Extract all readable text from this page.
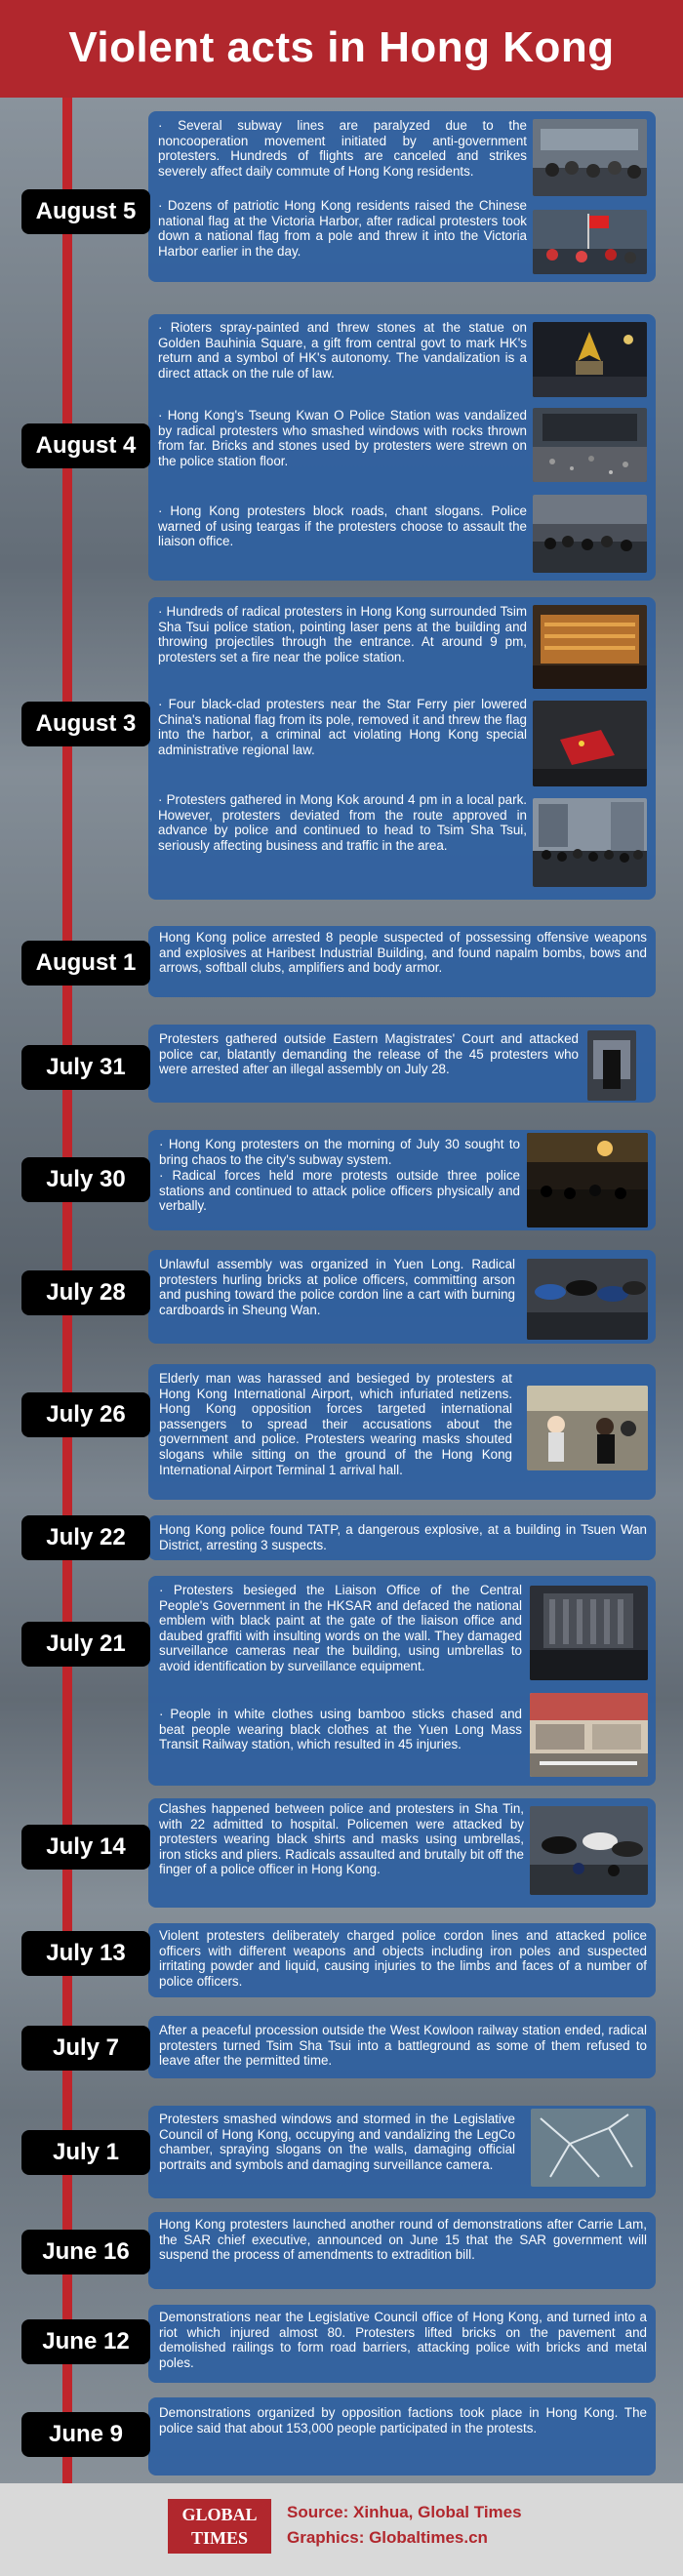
Violent acts in Hong Kong
· Several subway lines are paralyzed due to the noncooperation movement initiated by anti-government protesters. Hundreds of flights are canceled and strikes severely affect daily commute of Hong Kong residents.
· Dozens of patriotic Hong Kong residents raised the Chinese national flag at the Victoria Harbor, after radical protesters took down a national flag from a pole and threw it into the Victoria Harbor earlier in the day.
August 5
· Rioters spray-painted and threw stones at the statue on Golden Bauhinia Square, a gift from central govt to mark HK's return and a symbol of HK's autonomy. The vandalization is a direct attack on the rule of law.
· Hong Kong's Tseung Kwan O Police Station was vandalized by radical protesters who smashed windows with rocks thrown from far. Bricks and stones used by protesters were strewn on the police station floor.
· Hong Kong protesters block roads, chant slogans. Police warned of using teargas if the protesters choose to assault the liaison office.
August 4
· Hundreds of radical protesters in Hong Kong surrounded Tsim Sha Tsui police station, pointing laser pens at the building and throwing projectiles through the entrance. At around 9 pm, protesters set a fire near the police station.
· Four black-clad protesters near the Star Ferry pier lowered China's national flag from its pole, removed it and threw the flag into the harbor, a criminal act violating Hong Kong special administrative regional law.
· Protesters gathered in Mong Kok around 4 pm in a local park. However, protesters deviated from the route approved in advance by police and continued to head to Tsim Sha Tsui, seriously affecting business and traffic in the area.
August 3
Hong Kong police arrested 8 people suspected of possessing offensive weapons and explosives at Haribest Industrial Building, and found napalm bombs, bows and arrows, softball clubs, amplifiers and body armor.
August 1
Protesters gathered outside Eastern Magistrates' Court and attacked police car, blatantly demanding the release of the 45 protesters who were arrested after an illegal assembly on July 28.
July 31
· Hong Kong protesters on the morning of July 30 sought to bring chaos to the city's subway system.
· Radical forces held more protests outside three police stations and continued to attack police officers physically and verbally.
July 30
Unlawful assembly was organized in Yuen Long. Radical protesters hurling bricks at police officers, committing arson and pushing toward the police cordon line a cart with burning cardboards in Sheung Wan.
July 28
Elderly man was harassed and besieged by protesters at Hong Kong International Airport, which infuriated netizens. Hong Kong opposition forces targeted international passengers to spread their accusations about the government and police. Protesters wearing masks shouted slogans while sitting on the ground of the Hong Kong International Airport Terminal 1 arrival hall.
July 26
Hong Kong police found TATP, a dangerous explosive, at a building in Tsuen Wan District, arresting 3 suspects.
July 22
· Protesters besieged the Liaison Office of the Central People's Government in the HKSAR and defaced the national emblem with black paint at the gate of the liaison office and daubed graffiti with insulting words on the wall. They damaged surveillance cameras near the building, using umbrellas to avoid identification by surveillance equipment.
· People in white clothes using bamboo sticks chased and beat people wearing black clothes at the Yuen Long Mass Transit Railway station, which resulted in 45 injuries.
July 21
Clashes happened between police and protesters in Sha Tin, with 22 admitted to hospital. Policemen were attacked by protesters wearing black shirts and masks using umbrellas, iron sticks and pliers. Radicals assaulted and brutally bit off the finger of a police officer in Hong Kong.
July 14
Violent protesters deliberately charged police cordon lines and attacked police officers with different weapons and objects including iron poles and suspected irritating powder and liquid, causing injuries to the limbs and faces of a number of police officers.
July 13
After a peaceful procession outside the West Kowloon railway station ended, radical protesters turned Tsim Sha Tsui into a battleground as some of them refused to leave after the permitted time.
July 7
Protesters smashed windows and stormed in the Legislative Council of Hong Kong, occupying and vandalizing the LegCo chamber, spraying slogans on the walls, damaging official portraits and symbols and damaging surveillance camera.
July 1
Hong Kong protesters launched another round of demonstrations after Carrie Lam, the SAR chief executive, announced on June 15 that the SAR government will suspend the process of amendments to extradition bill.
June 16
Demonstrations near the Legislative Council office of Hong Kong, and turned into a riot which injured almost 80. Protesters lifted bricks on the pavement and demolished railings to form road barriers, attacking police with bricks and metal poles.
June 12
Demonstrations organized by opposition factions took place in Hong Kong. The police said that about 153,000 people participated in the protests.
June 9
GLOBAL
TIMES
Source: Xinhua, Global Times
Graphics: Globaltimes.cn
